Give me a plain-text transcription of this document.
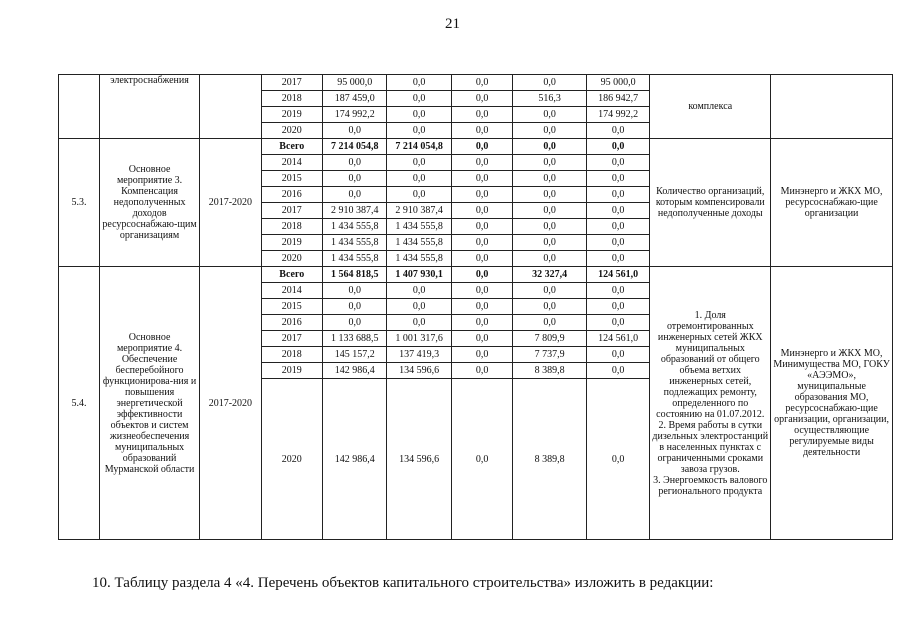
21
	электроснабжения		2017	95 000,0	0,0	0,0	0,0	95 000,0	комплекса	
			2018	187 459,0	0,0	0,0	516,3	186 942,7		
			2019	174 992,2	0,0	0,0	0,0	174 992,2		
			2020	0,0	0,0	0,0	0,0	0,0		
5.3.	Основное мероприятие 3. Компенсация недополученных доходов ресурсоснабжаю-щим организациям	2017-2020	Всего	7 214 054,8	7 214 054,8	0,0	0,0	0,0	Количество организаций, которым компенсировали недополученные доходы	Минэнерго и ЖКХ МО, ресурсоснабжаю-щие организации
			2014	0,0	0,0	0,0	0,0	0,0		
			2015	0,0	0,0	0,0	0,0	0,0		
			2016	0,0	0,0	0,0	0,0	0,0		
			2017	2 910 387,4	2 910 387,4	0,0	0,0	0,0		
			2018	1 434 555,8	1 434 555,8	0,0	0,0	0,0		
			2019	1 434 555,8	1 434 555,8	0,0	0,0	0,0		
			2020	1 434 555,8	1 434 555,8	0,0	0,0	0,0		
5.4.	Основное мероприятие 4. Обеспечение бесперебойного функционирова-ния и повышения энергетической эффективности объектов и систем жизнеобеспечения муниципальных образований Мурманской области	2017-2020	Всего	1 564 818,5	1 407 930,1	0,0	32 327,4	124 561,0	1. Доля отремонтированных инженерных сетей ЖКХ муниципальных образований от общего объема ветхих инженерных сетей, подлежащих ремонту, определенного по состоянию на 01.07.2012.
2. Время работы в сутки дизельных электростанций в населенных пунктах с ограниченными сроками завоза грузов.
3. Энергоемкость валового регионального продукта	Минэнерго и ЖКХ МО, Минимущества МО, ГОКУ «АЭЭМО», муниципальные образования МО, ресурсоснабжаю-щие организации, организации, осуществляющие регулируемые виды деятельности
			2014	0,0	0,0	0,0	0,0	0,0		
			2015	0,0	0,0	0,0	0,0	0,0		
			2016	0,0	0,0	0,0	0,0	0,0		
			2017	1 133 688,5	1 001 317,6	0,0	7 809,9	124 561,0		
			2018	145 157,2	137 419,3	0,0	7 737,9	0,0		
			2019	142 986,4	134 596,6	0,0	8 389,8	0,0		
			2020	142 986,4	134 596,6	0,0	8 389,8	0,0		
10. Таблицу раздела 4 «4. Перечень объектов капитального строительства» изложить в редакции:
